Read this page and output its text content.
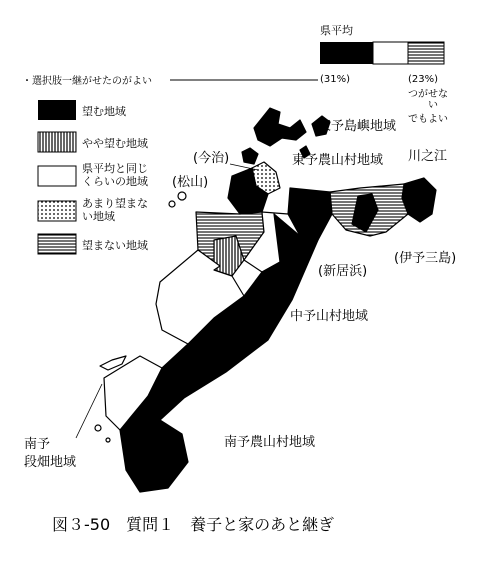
県平均
・選択肢一継がせたのがよい	(31%)	(23%)
つがせな
い
でもよい
望む地域
やや望む地域
県平均と同じくらいの地域
あまり望まない地域
望まない地域
東予島嶼地域
(今治)	東予農山村地域 川之江
(松山)
(新居浜)
(伊予三島)
中予山村地域
南予段畑地域
南予農山村地域
図３-50　質問１　養子と家のあと継ぎ
